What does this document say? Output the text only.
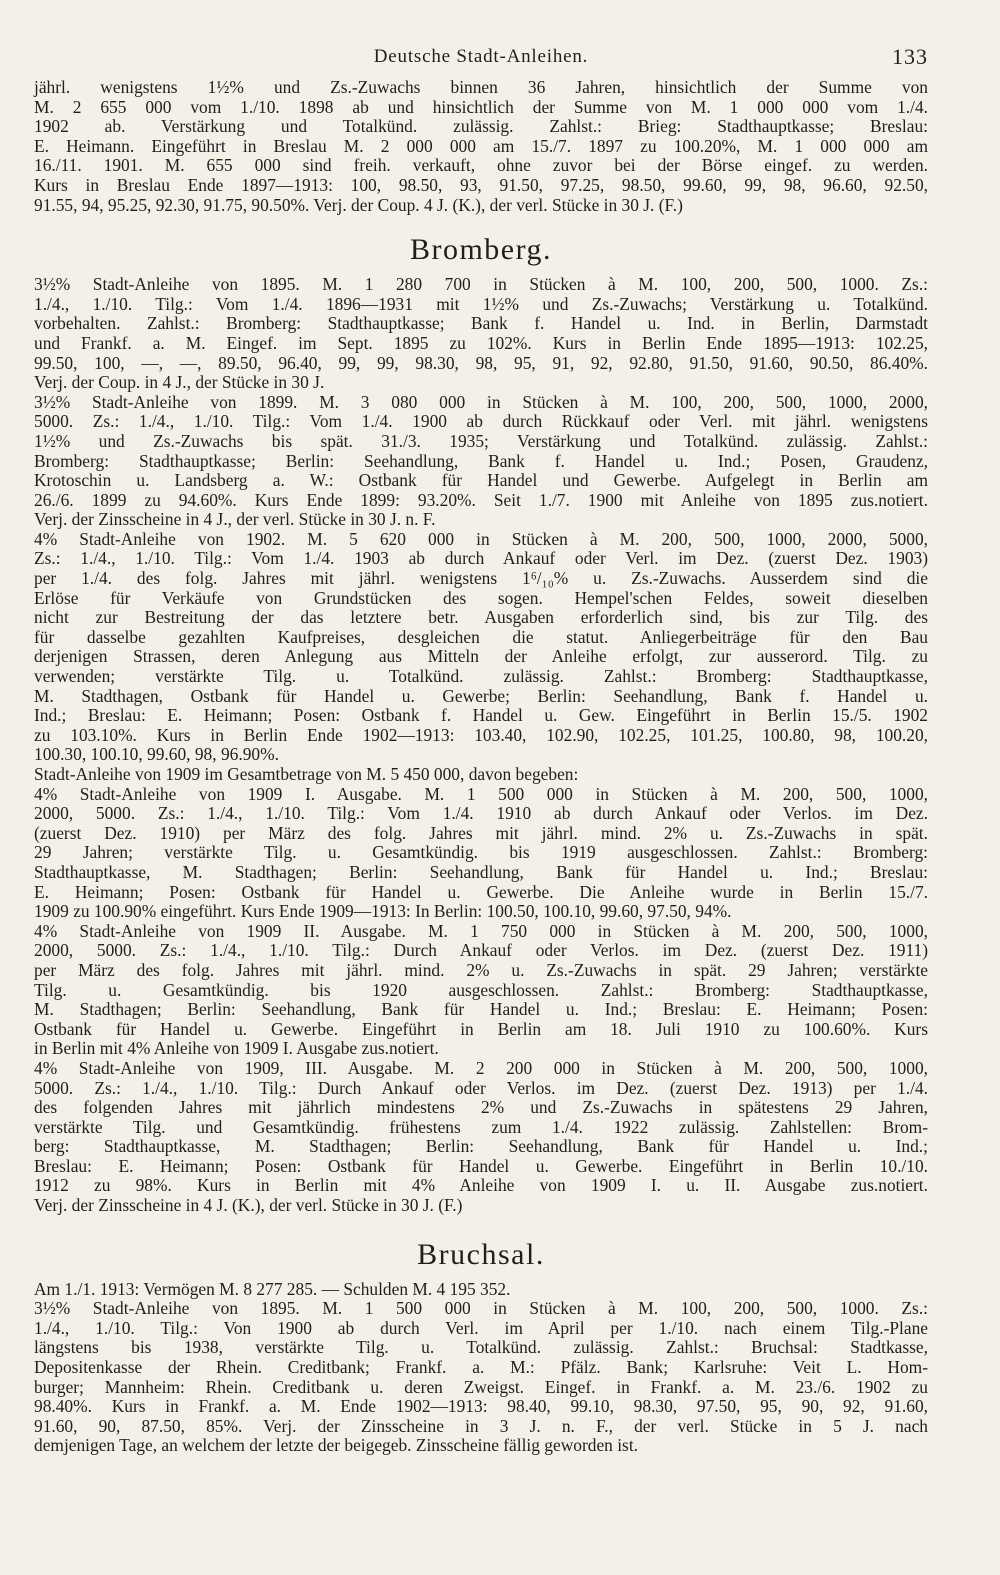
Deutsche Stadt-Anleihen.	133
jährl. wenigstens 1½% und Zs.-Zuwachs binnen 36 Jahren, hinsichtlich der Summe von
M. 2 655 000 vom 1./10. 1898 ab und hinsichtlich der Summe von M. 1 000 000 vom 1./4.
1902 ab. Verstärkung und Totalkünd. zulässig. Zahlst.: Brieg: Stadthauptkasse; Breslau:
E. Heimann. Eingeführt in Breslau M. 2 000 000 am 15./7. 1897 zu 100.20%, M. 1 000 000 am
16./11. 1901. M. 655 000 sind freih. verkauft, ohne zuvor bei der Börse eingef. zu werden.
Kurs in Breslau Ende 1897—1913: 100, 98.50, 93, 91.50, 97.25, 98.50, 99.60, 99, 98, 96.60, 92.50,
91.55, 94, 95.25, 92.30, 91.75, 90.50%. Verj. der Coup. 4 J. (K.), der verl. Stücke in 30 J. (F.)
Bromberg.
3½% Stadt-Anleihe von 1895. M. 1 280 700 in Stücken à M. 100, 200, 500, 1000. Zs.:
1./4., 1./10. Tilg.: Vom 1./4. 1896—1931 mit 1½% und Zs.-Zuwachs; Verstärkung u. Totalkünd.
vorbehalten. Zahlst.: Bromberg: Stadthauptkasse; Bank f. Handel u. Ind. in Berlin, Darmstadt
und Frankf. a. M. Eingef. im Sept. 1895 zu 102%. Kurs in Berlin Ende 1895—1913: 102.25,
99.50, 100, —, —, 89.50, 96.40, 99, 99, 98.30, 98, 95, 91, 92, 92.80, 91.50, 91.60, 90.50, 86.40%.
Verj. der Coup. in 4 J., der Stücke in 30 J.
3½% Stadt-Anleihe von 1899. M. 3 080 000 in Stücken à M. 100, 200, 500, 1000, 2000,
5000. Zs.: 1./4., 1./10. Tilg.: Vom 1./4. 1900 ab durch Rückkauf oder Verl. mit jährl. wenigstens
1½% und Zs.-Zuwachs bis spät. 31./3. 1935; Verstärkung und Totalkünd. zulässig. Zahlst.:
Bromberg: Stadthauptkasse; Berlin: Seehandlung, Bank f. Handel u. Ind.; Posen, Graudenz,
Krotoschin u. Landsberg a. W.: Ostbank für Handel und Gewerbe. Aufgelegt in Berlin am
26./6. 1899 zu 94.60%. Kurs Ende 1899: 93.20%. Seit 1./7. 1900 mit Anleihe von 1895 zus.notiert.
Verj. der Zinsscheine in 4 J., der verl. Stücke in 30 J. n. F.
4% Stadt-Anleihe von 1902. M. 5 620 000 in Stücken à M. 200, 500, 1000, 2000, 5000,
Zs.: 1./4., 1./10. Tilg.: Vom 1./4. 1903 ab durch Ankauf oder Verl. im Dez. (zuerst Dez. 1903)
per 1./4. des folg. Jahres mit jährl. wenigstens 1⁶/₁₀% u. Zs.-Zuwachs. Ausserdem sind die
Erlöse für Verkäufe von Grundstücken des sogen. Hempel'schen Feldes, soweit dieselben
nicht zur Bestreitung der das letztere betr. Ausgaben erforderlich sind, bis zur Tilg. des
für dasselbe gezahlten Kaufpreises, desgleichen die statut. Anliegerbeiträge für den Bau
derjenigen Strassen, deren Anlegung aus Mitteln der Anleihe erfolgt, zur ausserord. Tilg. zu
verwenden; verstärkte Tilg. u. Totalkünd. zulässig. Zahlst.: Bromberg: Stadthauptkasse,
M. Stadthagen, Ostbank für Handel u. Gewerbe; Berlin: Seehandlung, Bank f. Handel u.
Ind.; Breslau: E. Heimann; Posen: Ostbank f. Handel u. Gew. Eingeführt in Berlin 15./5. 1902
zu 103.10%. Kurs in Berlin Ende 1902—1913: 103.40, 102.90, 102.25, 101.25, 100.80, 98, 100.20,
100.30, 100.10, 99.60, 98, 96.90%.
Stadt-Anleihe von 1909 im Gesamtbetrage von M. 5 450 000, davon begeben:
4% Stadt-Anleihe von 1909 I. Ausgabe. M. 1 500 000 in Stücken à M. 200, 500, 1000,
2000, 5000. Zs.: 1./4., 1./10. Tilg.: Vom 1./4. 1910 ab durch Ankauf oder Verlos. im Dez.
(zuerst Dez. 1910) per März des folg. Jahres mit jährl. mind. 2% u. Zs.-Zuwachs in spät.
29 Jahren; verstärkte Tilg. u. Gesamtkündig. bis 1919 ausgeschlossen. Zahlst.: Bromberg:
Stadthauptkasse, M. Stadthagen; Berlin: Seehandlung, Bank für Handel u. Ind.; Breslau:
E. Heimann; Posen: Ostbank für Handel u. Gewerbe. Die Anleihe wurde in Berlin 15./7.
1909 zu 100.90% eingeführt. Kurs Ende 1909—1913: In Berlin: 100.50, 100.10, 99.60, 97.50, 94%.
4% Stadt-Anleihe von 1909 II. Ausgabe. M. 1 750 000 in Stücken à M. 200, 500, 1000,
2000, 5000. Zs.: 1./4., 1./10. Tilg.: Durch Ankauf oder Verlos. im Dez. (zuerst Dez. 1911)
per März des folg. Jahres mit jährl. mind. 2% u. Zs.-Zuwachs in spät. 29 Jahren; verstärkte
Tilg. u. Gesamtkündig. bis 1920 ausgeschlossen. Zahlst.: Bromberg: Stadthauptkasse,
M. Stadthagen; Berlin: Seehandlung, Bank für Handel u. Ind.; Breslau: E. Heimann; Posen:
Ostbank für Handel u. Gewerbe. Eingeführt in Berlin am 18. Juli 1910 zu 100.60%. Kurs
in Berlin mit 4% Anleihe von 1909 I. Ausgabe zus.notiert.
4% Stadt-Anleihe von 1909, III. Ausgabe. M. 2 200 000 in Stücken à M. 200, 500, 1000,
5000. Zs.: 1./4., 1./10. Tilg.: Durch Ankauf oder Verlos. im Dez. (zuerst Dez. 1913) per 1./4.
des folgenden Jahres mit jährlich mindestens 2% und Zs.-Zuwachs in spätestens 29 Jahren,
verstärkte Tilg. und Gesamtkündig. frühestens zum 1./4. 1922 zulässig. Zahlstellen: Brom-
berg: Stadthauptkasse, M. Stadthagen; Berlin: Seehandlung, Bank für Handel u. Ind.;
Breslau: E. Heimann; Posen: Ostbank für Handel u. Gewerbe. Eingeführt in Berlin 10./10.
1912 zu 98%. Kurs in Berlin mit 4% Anleihe von 1909 I. u. II. Ausgabe zus.notiert.
Verj. der Zinsscheine in 4 J. (K.), der verl. Stücke in 30 J. (F.)
Bruchsal.
Am 1./1. 1913: Vermögen M. 8 277 285. — Schulden M. 4 195 352.
3½% Stadt-Anleihe von 1895. M. 1 500 000 in Stücken à M. 100, 200, 500, 1000. Zs.:
1./4., 1./10. Tilg.: Von 1900 ab durch Verl. im April per 1./10. nach einem Tilg.-Plane
längstens bis 1938, verstärkte Tilg. u. Totalkünd. zulässig. Zahlst.: Bruchsal: Stadtkasse,
Depositenkasse der Rhein. Creditbank; Frankf. a. M.: Pfälz. Bank; Karlsruhe: Veit L. Hom-
burger; Mannheim: Rhein. Creditbank u. deren Zweigst. Eingef. in Frankf. a. M. 23./6. 1902 zu
98.40%. Kurs in Frankf. a. M. Ende 1902—1913: 98.40, 99.10, 98.30, 97.50, 95, 90, 92, 91.60,
91.60, 90, 87.50, 85%. Verj. der Zinsscheine in 3 J. n. F., der verl. Stücke in 5 J. nach
demjenigen Tage, an welchem der letzte der beigegeb. Zinsscheine fällig geworden ist.
